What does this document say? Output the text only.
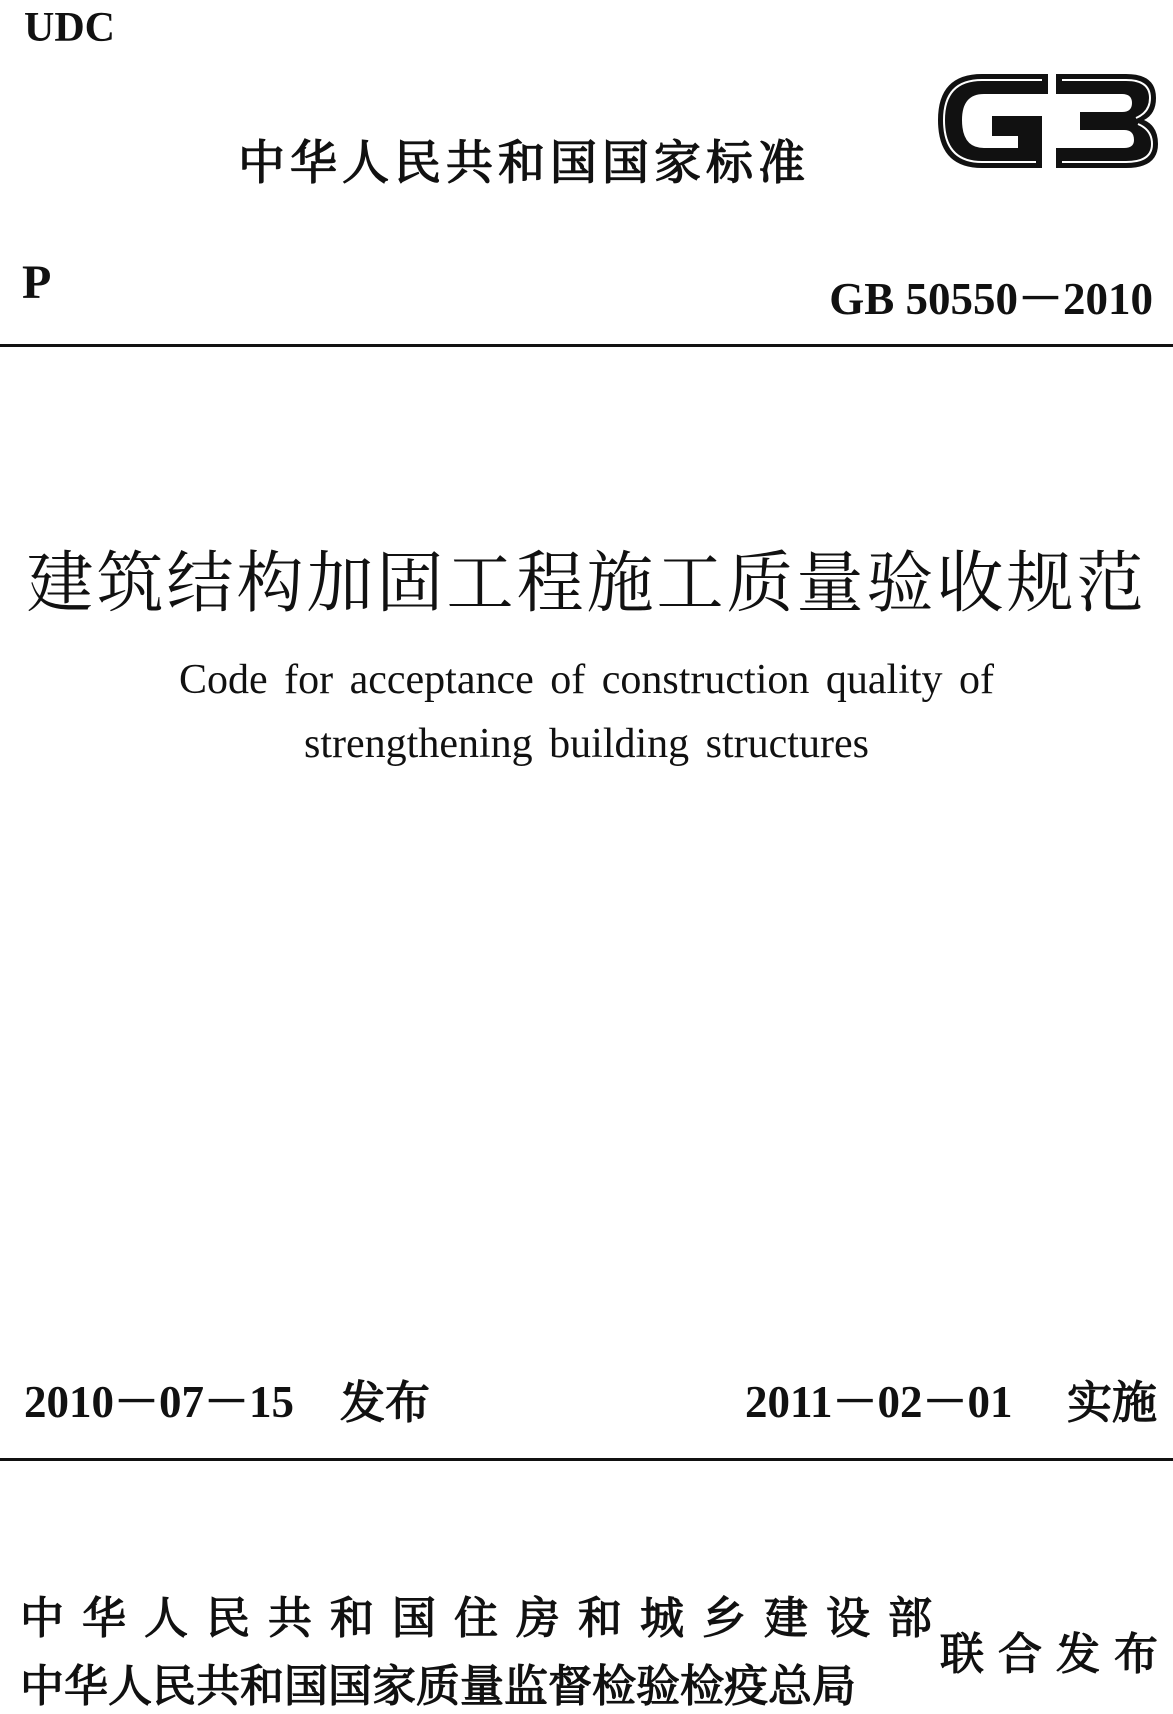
UDC
中华人民共和国国家标准
P	GB 50550－2010
建筑结构加固工程施工质量验收规范
Code for acceptance of construction quality of
strengthening building structures
2010－07－15 发布	2011－02－01 实施
中华人民共和国住房和城乡建设部
中华人民共和国国家质量监督检验检疫总局
联合发布
